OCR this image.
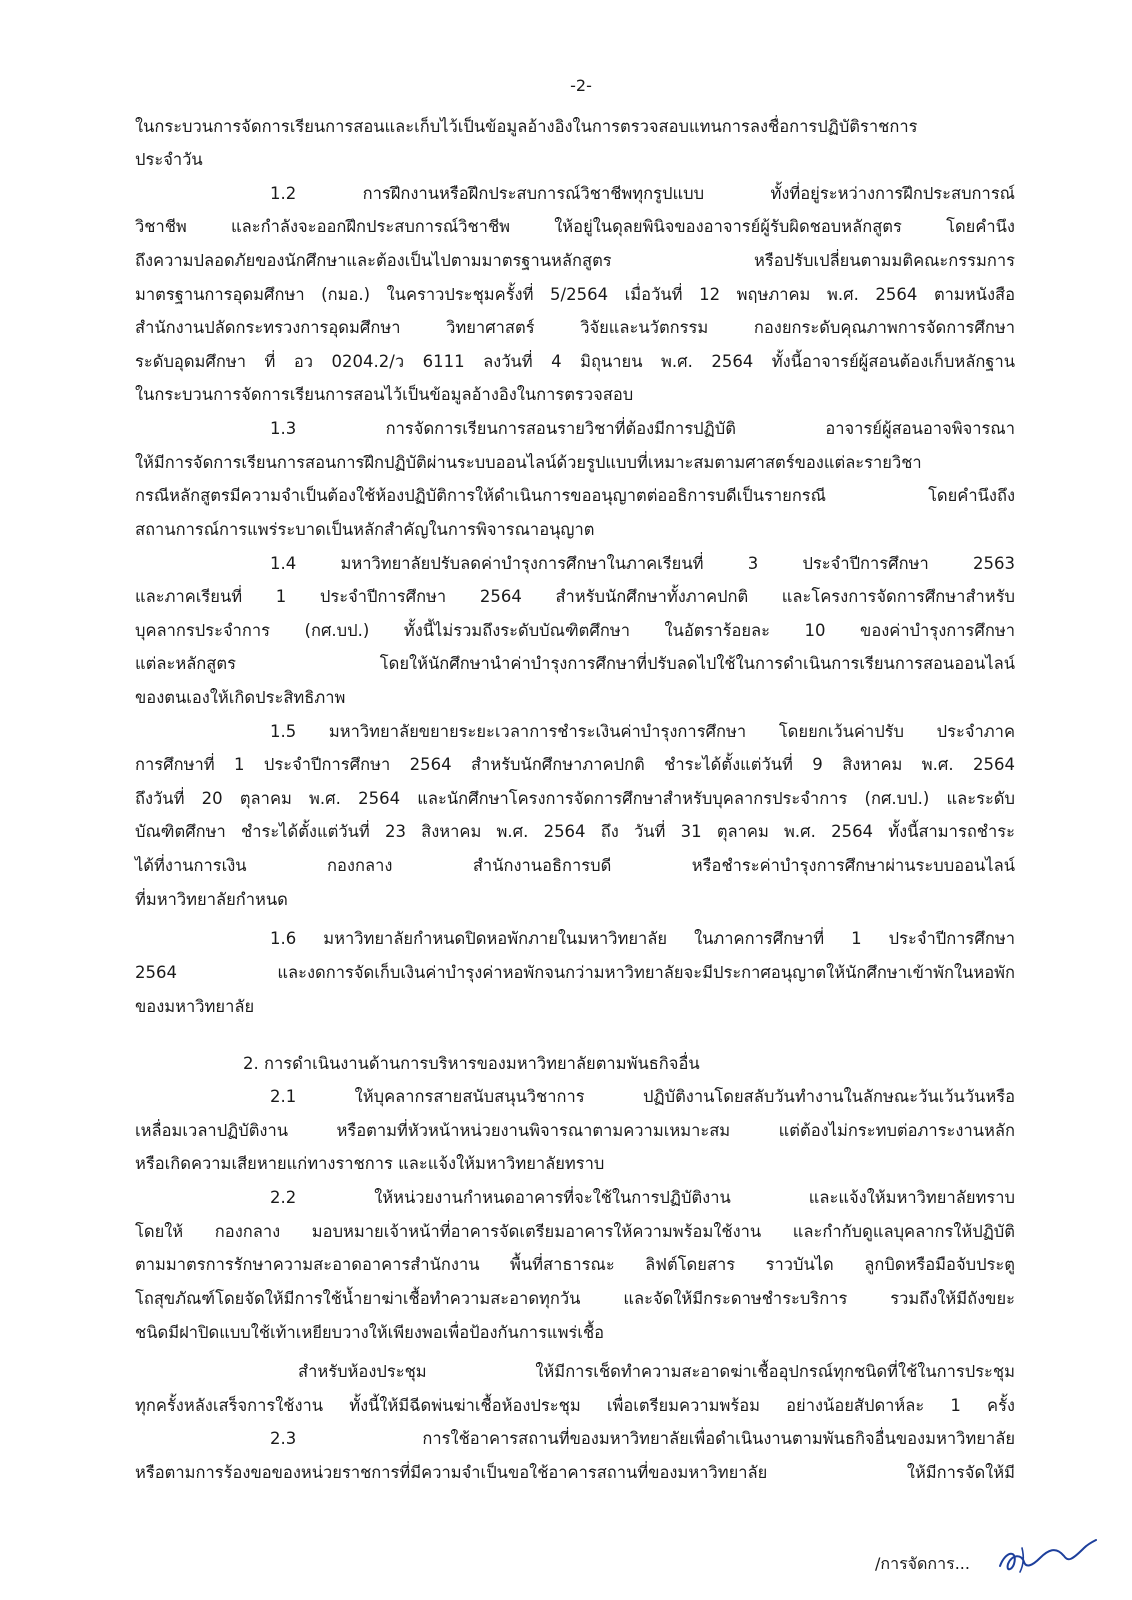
-2-
ในกระบวนการจัดการเรียนการสอนและเก็บไว้เป็นข้อมูลอ้างอิงในการตรวจสอบแทนการลงชื่อการปฏิบัติราชการ
ประจำวัน
1.2 การฝึกงานหรือฝึกประสบการณ์วิชาชีพทุกรูปแบบ ทั้งที่อยู่ระหว่างการฝึกประสบการณ์
วิชาชีพ และกำลังจะออกฝึกประสบการณ์วิชาชีพ ให้อยู่ในดุลยพินิจของอาจารย์ผู้รับผิดชอบหลักสูตร โดยคำนึง
ถึงความปลอดภัยของนักศึกษาและต้องเป็นไปตามมาตรฐานหลักสูตร หรือปรับเปลี่ยนตามมติคณะกรรมการ
มาตรฐานการอุดมศึกษา (กมอ.) ในคราวประชุมครั้งที่ 5/2564 เมื่อวันที่ 12 พฤษภาคม พ.ศ. 2564 ตามหนังสือ
สำนักงานปลัดกระทรวงการอุดมศึกษา วิทยาศาสตร์ วิจัยและนวัตกรรม กองยกระดับคุณภาพการจัดการศึกษา
ระดับอุดมศึกษา ที่ อว 0204.2/ว 6111 ลงวันที่ 4 มิถุนายน พ.ศ. 2564 ทั้งนี้อาจารย์ผู้สอนต้องเก็บหลักฐาน
ในกระบวนการจัดการเรียนการสอนไว้เป็นข้อมูลอ้างอิงในการตรวจสอบ
1.3 การจัดการเรียนการสอนรายวิชาที่ต้องมีการปฏิบัติ อาจารย์ผู้สอนอาจพิจารณา
ให้มีการจัดการเรียนการสอนการฝึกปฏิบัติผ่านระบบออนไลน์ด้วยรูปแบบที่เหมาะสมตามศาสตร์ของแต่ละรายวิชา
กรณีหลักสูตรมีความจำเป็นต้องใช้ห้องปฏิบัติการให้ดำเนินการขออนุญาตต่ออธิการบดีเป็นรายกรณี โดยคำนึงถึง
สถานการณ์การแพร่ระบาดเป็นหลักสำคัญในการพิจารณาอนุญาต
1.4 มหาวิทยาลัยปรับลดค่าบำรุงการศึกษาในภาคเรียนที่ 3 ประจำปีการศึกษา 2563
และภาคเรียนที่ 1 ประจำปีการศึกษา 2564 สำหรับนักศึกษาทั้งภาคปกติ และโครงการจัดการศึกษาสำหรับ
บุคลากรประจำการ (กศ.บป.) ทั้งนี้ไม่รวมถึงระดับบัณฑิตศึกษา ในอัตราร้อยละ 10 ของค่าบำรุงการศึกษา
แต่ละหลักสูตร โดยให้นักศึกษานำค่าบำรุงการศึกษาที่ปรับลดไปใช้ในการดำเนินการเรียนการสอนออนไลน์
ของตนเองให้เกิดประสิทธิภาพ
1.5 มหาวิทยาลัยขยายระยะเวลาการชำระเงินค่าบำรุงการศึกษา โดยยกเว้นค่าปรับ ประจำภาค
การศึกษาที่ 1 ประจำปีการศึกษา 2564 สำหรับนักศึกษาภาคปกติ ชำระได้ตั้งแต่วันที่ 9 สิงหาคม พ.ศ. 2564
ถึงวันที่ 20 ตุลาคม พ.ศ. 2564 และนักศึกษาโครงการจัดการศึกษาสำหรับบุคลากรประจำการ (กศ.บป.) และระดับ
บัณฑิตศึกษา ชำระได้ตั้งแต่วันที่ 23 สิงหาคม พ.ศ. 2564 ถึง วันที่ 31 ตุลาคม พ.ศ. 2564 ทั้งนี้สามารถชำระ
ได้ที่งานการเงิน กองกลาง สำนักงานอธิการบดี หรือชำระค่าบำรุงการศึกษาผ่านระบบออนไลน์
ที่มหาวิทยาลัยกำหนด
1.6 มหาวิทยาลัยกำหนดปิดหอพักภายในมหาวิทยาลัย ในภาคการศึกษาที่ 1 ประจำปีการศึกษา
2564 และงดการจัดเก็บเงินค่าบำรุงค่าหอพักจนกว่ามหาวิทยาลัยจะมีประกาศอนุญาตให้นักศึกษาเข้าพักในหอพัก
ของมหาวิทยาลัย
2. การดำเนินงานด้านการบริหารของมหาวิทยาลัยตามพันธกิจอื่น
2.1 ให้บุคลากรสายสนับสนุนวิชาการ ปฏิบัติงานโดยสลับวันทำงานในลักษณะวันเว้นวันหรือ
เหลื่อมเวลาปฏิบัติงาน หรือตามที่หัวหน้าหน่วยงานพิจารณาตามความเหมาะสม แต่ต้องไม่กระทบต่อภาระงานหลัก
หรือเกิดความเสียหายแก่ทางราชการ และแจ้งให้มหาวิทยาลัยทราบ
2.2 ให้หน่วยงานกำหนดอาคารที่จะใช้ในการปฏิบัติงาน และแจ้งให้มหาวิทยาลัยทราบ
โดยให้ กองกลาง มอบหมายเจ้าหน้าที่อาคารจัดเตรียมอาคารให้ความพร้อมใช้งาน และกำกับดูแลบุคลากรให้ปฏิบัติ
ตามมาตรการรักษาความสะอาดอาคารสำนักงาน พื้นที่สาธารณะ ลิฟต์โดยสาร ราวบันได ลูกบิดหรือมือจับประตู
โถสุขภัณฑ์โดยจัดให้มีการใช้น้ำยาฆ่าเชื้อทำความสะอาดทุกวัน และจัดให้มีกระดาษชำระบริการ รวมถึงให้มีถังขยะ
ชนิดมีฝาปิดแบบใช้เท้าเหยียบวางให้เพียงพอเพื่อป้องกันการแพร่เชื้อ
สำหรับห้องประชุม ให้มีการเช็ดทำความสะอาดฆ่าเชื้ออุปกรณ์ทุกชนิดที่ใช้ในการประชุม
ทุกครั้งหลังเสร็จการใช้งาน ทั้งนี้ให้มีฉีดพ่นฆ่าเชื้อห้องประชุม เพื่อเตรียมความพร้อม อย่างน้อยสัปดาห์ละ 1 ครั้ง
2.3 การใช้อาคารสถานที่ของมหาวิทยาลัยเพื่อดำเนินงานตามพันธกิจอื่นของมหาวิทยาลัย
หรือตามการร้องขอของหน่วยราชการที่มีความจำเป็นขอใช้อาคารสถานที่ของมหาวิทยาลัย ให้มีการจัดให้มี
/การจัดการ...
